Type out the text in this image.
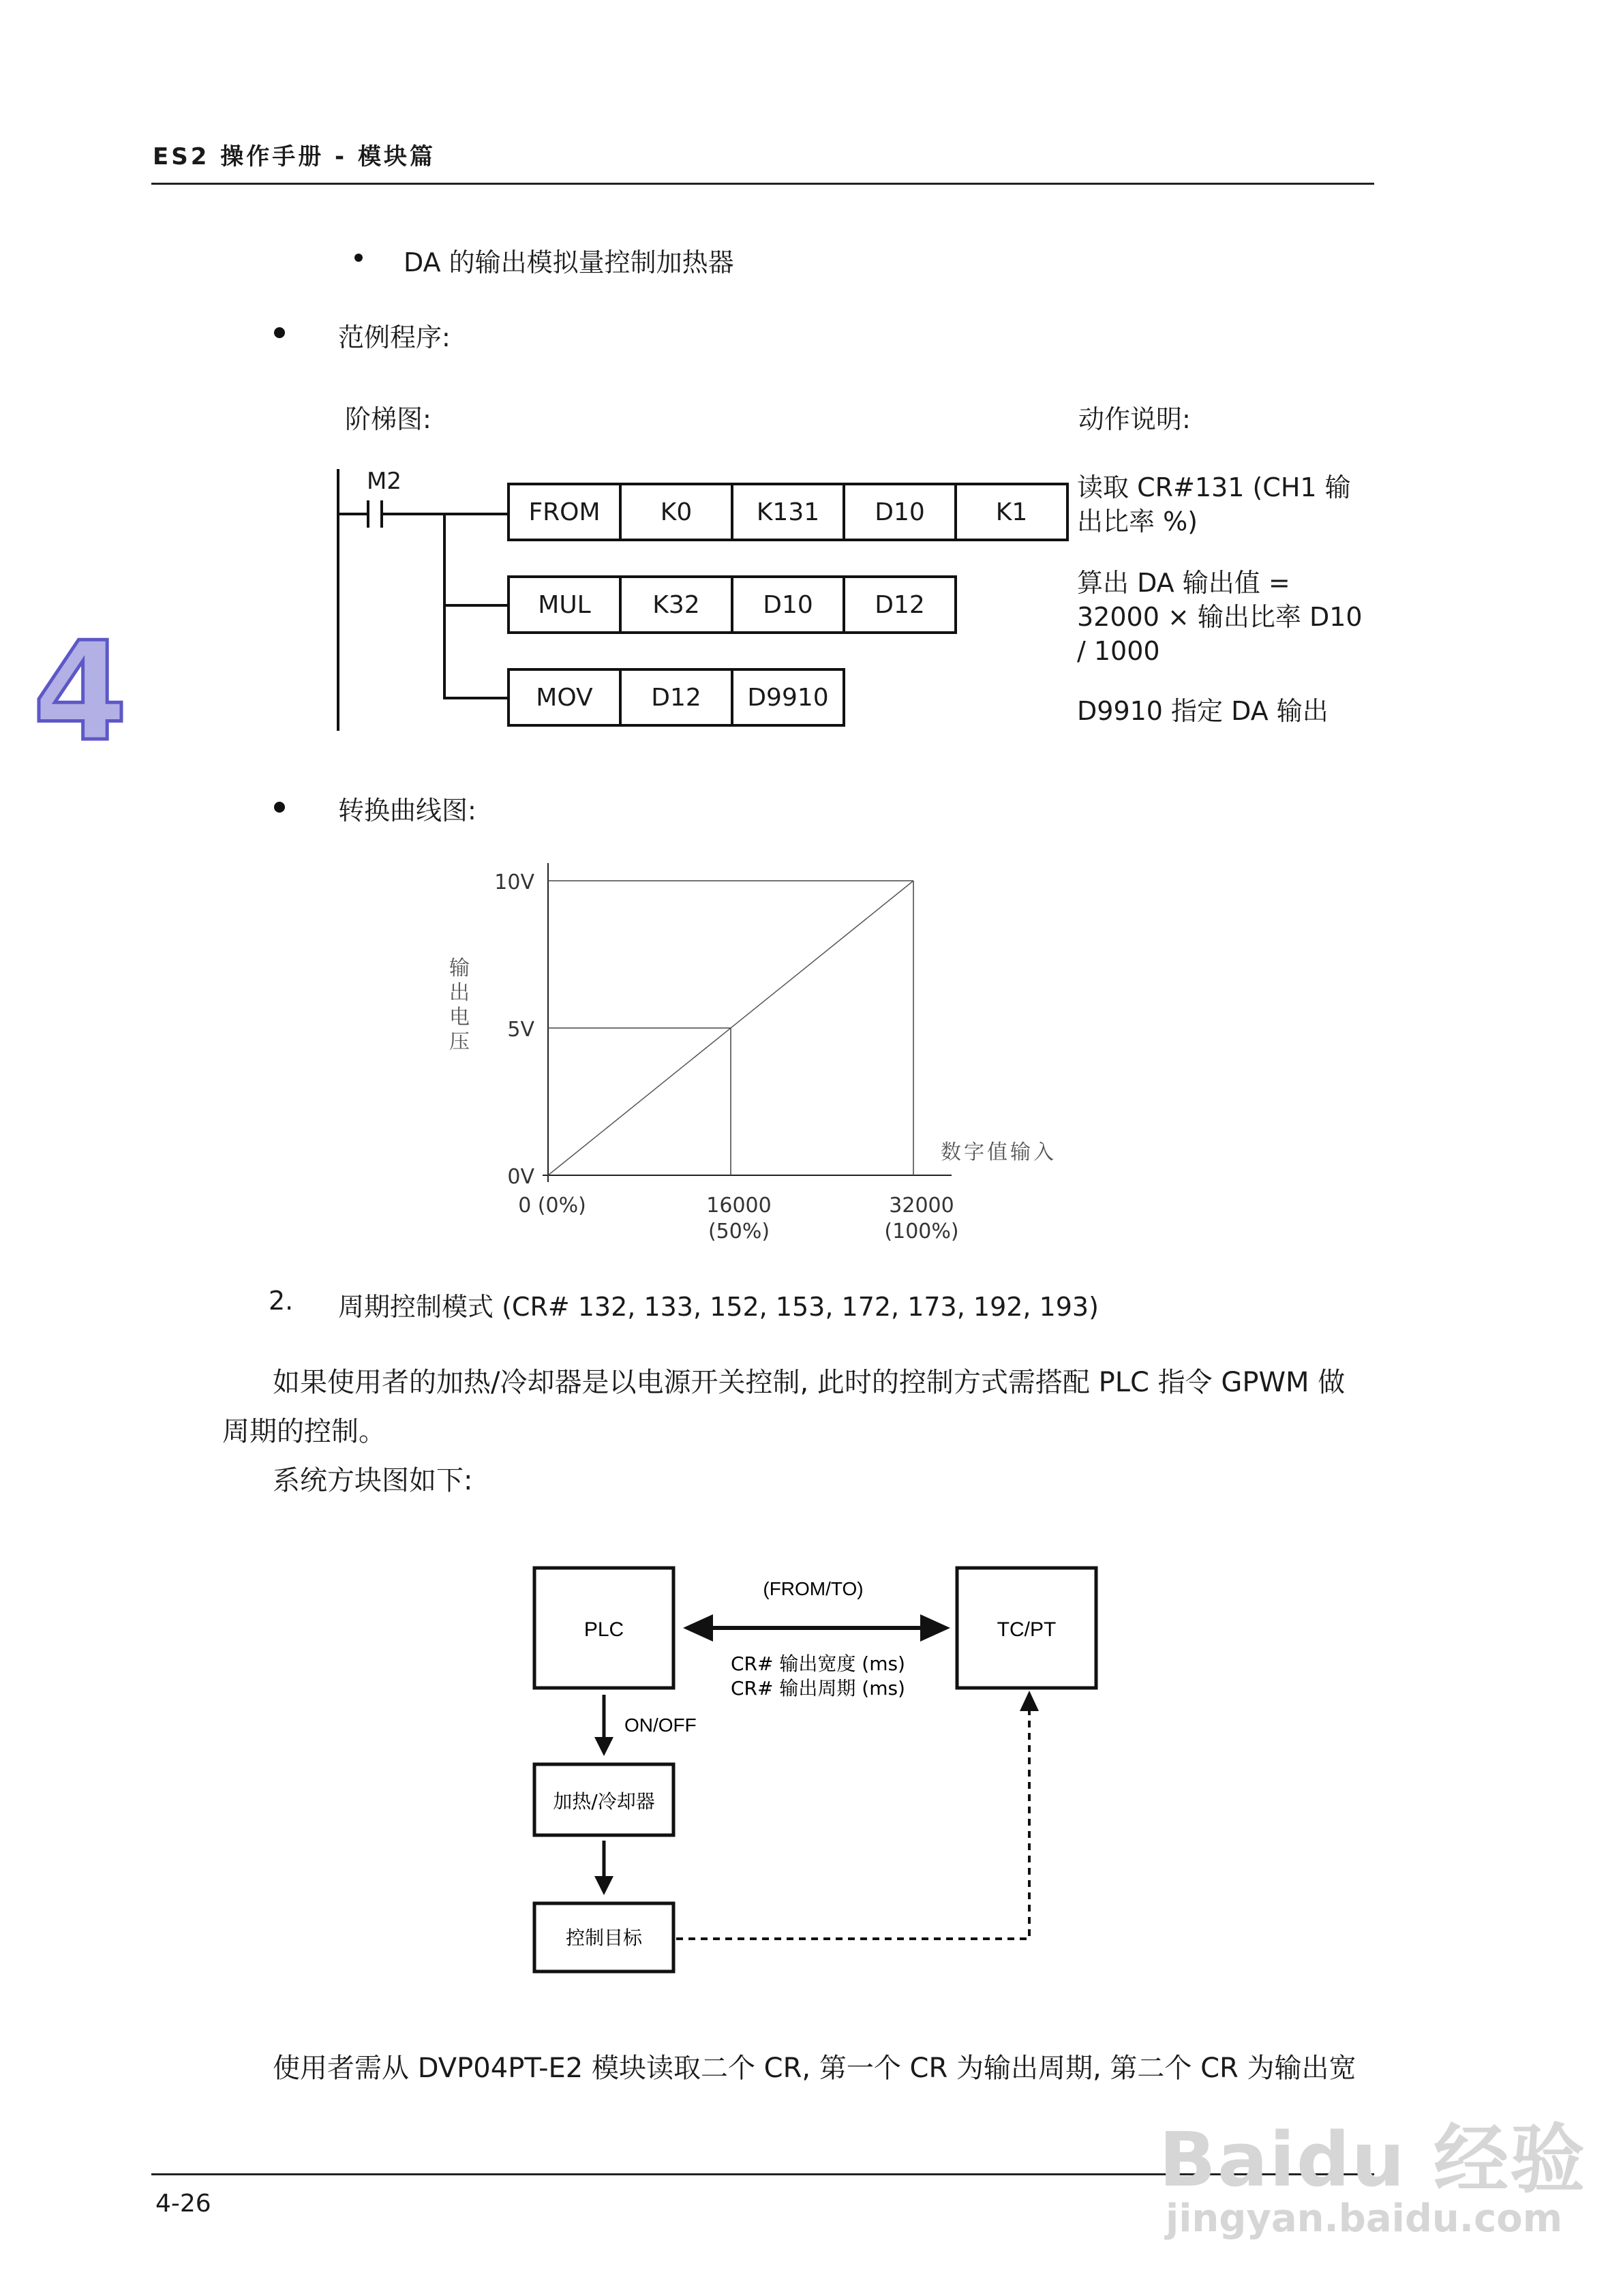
ES2 操作手册 - 模块篇
4
DA 的输出模拟量控制加热器
范例程序:
阶梯图:	动作说明:
M2
FROM	K0	K131	D10	K1
MUL	K32	D10	D12
MOV	D12	D9910
读取 CR#131 (CH1 输
出比率 %)
算出 DA 输出值 =
32000 × 输出比率 D10
/ 1000
D9910 指定 DA 输出
转换曲线图:
0V
5V
10V
0 (0%)	16000
(50%)
32000
(100%)
输
出
电
压
数字值输入
2. 周期控制模式 (CR# 132, 133, 152, 153, 172, 173, 192, 193)
如果使用者的加热/冷却器是以电源开关控制, 此时的控制方式需搭配 PLC 指令 GPWM 做
周期的控制。
系统方块图如下:
PLC	TC/PT
(FROM/TO)
CR# 输出宽度 (ms)
CR# 输出周期 (ms)
ON/OFF
加热/冷却器
控制目标
使用者需从 DVP04PT-E2 模块读取二个 CR, 第一个 CR 为输出周期, 第二个 CR 为输出宽
4-26
Baidu 经验
jingyan.baidu.com
